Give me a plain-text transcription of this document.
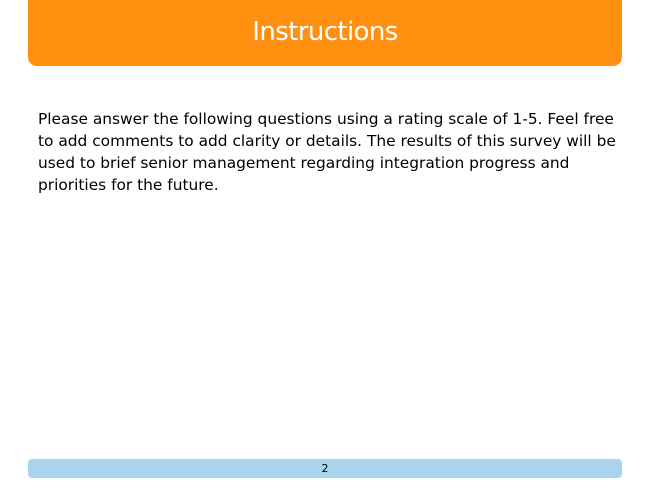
Instructions

Please answer the following questions using a rating scale of 1-5. Feel free to add comments to add clarity or details. The results of this survey will be used to brief senior management regarding integration progress and priorities for the future.

2
